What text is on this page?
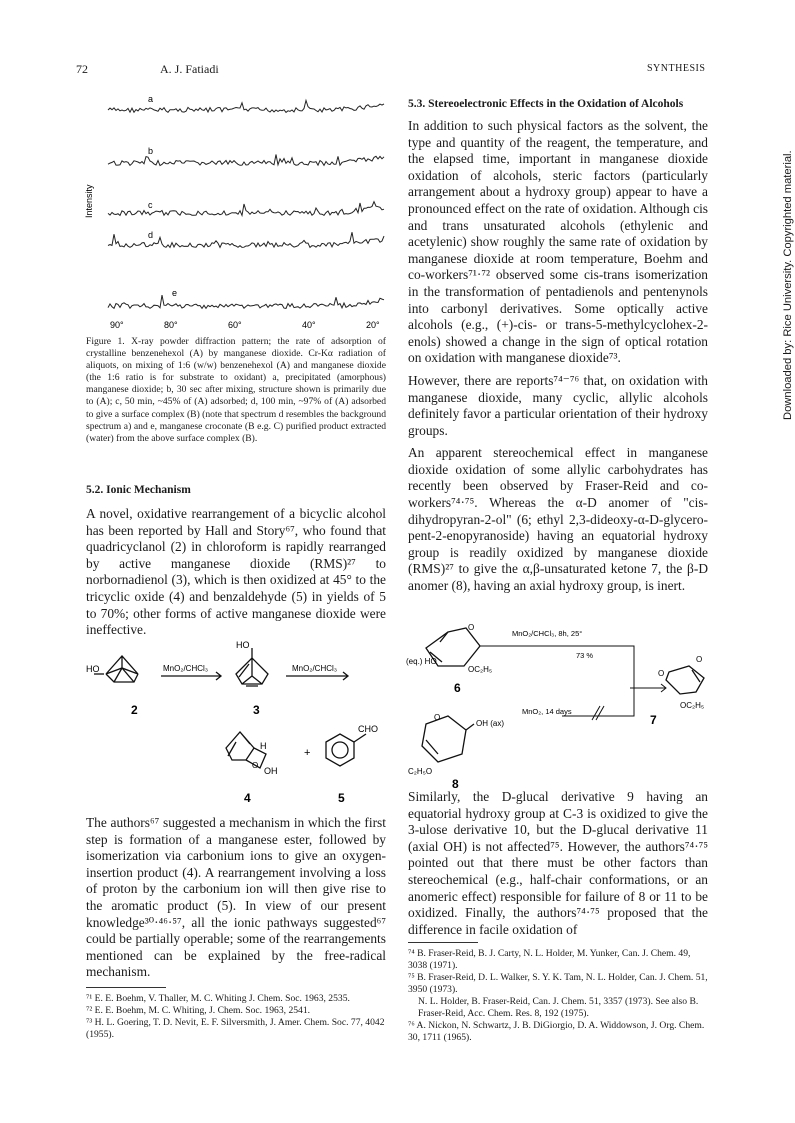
72	A. J. Fatiadi	SYNTHESIS
Downloaded by: Rice University. Copyrighted material.
Intensity
a
b
c
d
e
90°	80°	60°	40°	20°
Figure 1. X-ray powder diffraction pattern; the rate of adsorption of crystalline benzenehexol (A) by manganese dioxide. Cr-Kα radiation of aliquots, on mixing of 1:6 (w/w) benzenehexol (A) and manganese dioxide (the 1:6 ratio is for substrate to oxidant) a, precipitated (amorphous) manganese dioxide; b, 30 sec after mixing, structure shown is primarily due to (A); c, 50 min, ~45% of (A) adsorbed; d, 100 min, ~97% of (A) adsorbed to give a surface complex (B) (note that spectrum d resembles the background spectrum a) and e, manganese croconate (B e.g. C) purified product extracted (water) from the above surface complex (B).
5.2. Ionic Mechanism

A novel, oxidative rearrangement of a bicyclic alcohol has been reported by Hall and Story⁶⁷, who found that quadricyclanol (2) in chloroform is rapidly rearranged by active manganese dioxide (RMS)²⁷ to norbornadienol (3), which is then oxidized at 45° to the tricyclic oxide (4) and benzaldehyde (5) in yields of 5 to 70%; other forms of active manganese dioxide were ineffective.

HO
HO
MnO₂/CHCl₃	MnO₂/CHCl₃
2	3
H
O
OH
+
CHO
4	5

The authors⁶⁷ suggested a mechanism in which the first step is formation of a manganese ester, followed by isomerization via carbonium ions to give an oxygen-insertion product (4). A rearrangement involving a loss of proton by the carbonium ion will then give rise to the aromatic product (5). In view of our present knowledge³⁰·⁴⁶·⁵⁷, all the ionic pathways suggested⁶⁷ could be partially operable; some of the rearrangements mentioned can be explained by the free-radical mechanism.

⁷¹ E. E. Boehm, V. Thaller, M. C. Whiting J. Chem. Soc. 1963, 2535.
⁷² E. E. Boehm, M. C. Whiting, J. Chem. Soc. 1963, 2541.
⁷³ H. L. Goering, T. D. Nevit, E. F. Silversmith, J. Amer. Chem. Soc. 77, 4042 (1955).
5.3. Stereoelectronic Effects in the Oxidation of Alcohols

In addition to such physical factors as the solvent, the type and quantity of the reagent, the temperature, and the elapsed time, important in manganese dioxide oxidation of alcohols, steric factors (particularly arrangement about a hydroxy group) appear to have a pronounced effect on the rate of oxidation. Although cis and trans unsaturated alcohols (ethylenic and acetylenic) show roughly the same rate of oxidation by manganese dioxide at room temperature, Boehm and co-workers⁷¹·⁷² observed some cis-trans isomerization in the transformation of pentadienols and pentenynols into carbonyl derivatives. Some optically active alcohols (e.g., (+)-cis- or trans-5-methylcyclohex-2-enols) showed a change in the sign of optical rotation on oxidation with manganese dioxide⁷³.

However, there are reports⁷⁴⁻⁷⁶ that, on oxidation with manganese dioxide, many cyclic, allylic alcohols definitely favor a particular orientation of their hydroxy groups.

An apparent stereochemical effect in manganese dioxide oxidation of some allylic carbohydrates has recently been observed by Fraser-Reid and co-workers⁷⁴·⁷⁵. Whereas the α-D anomer of "cis-dihydropyran-2-ol" (6; ethyl 2,3-dideoxy-α-D-glycero-pent-2-enopyranoside) having an equatorial hydroxy group is readily oxidized by manganese dioxide (RMS)²⁷ to give the α,β-unsaturated ketone 7, the β-D anomer (8), having an axial hydroxy group, is inert.

MnO₂/CHCl₃, 8h, 25°
73 %
(eq.) HO
O
OC₂H₅
6
O
O
OC₂H₅
7
OH (ax)
MnO₂, 14 days
O
C₂H₅O
8

Similarly, the D-glucal derivative 9 having an equatorial hydroxy group at C-3 is oxidized to give the 3-ulose derivative 10, but the D-glucal derivative 11 (axial OH) is not affected⁷⁵. However, the authors⁷⁴·⁷⁵ pointed out that there must be other factors than stereochemical (e.g., half-chair conformations, or an anomeric effect) responsible for failure of 8 or 11 to be oxidized. Finally, the authors⁷⁴·⁷⁵ proposed that the difference in facile oxidation of

⁷⁴ B. Fraser-Reid, B. J. Carty, N. L. Holder, M. Yunker, Can. J. Chem. 49, 3038 (1971).
⁷⁵ B. Fraser-Reid, D. L. Walker, S. Y. K. Tam, N. L. Holder, Can. J. Chem. 51, 3950 (1973).
N. L. Holder, B. Fraser-Reid, Can. J. Chem. 51, 3357 (1973). See also B. Fraser-Reid, Acc. Chem. Res. 8, 192 (1975).
⁷⁶ A. Nickon, N. Schwartz, J. B. DiGiorgio, D. A. Widdowson, J. Org. Chem. 30, 1711 (1965).
